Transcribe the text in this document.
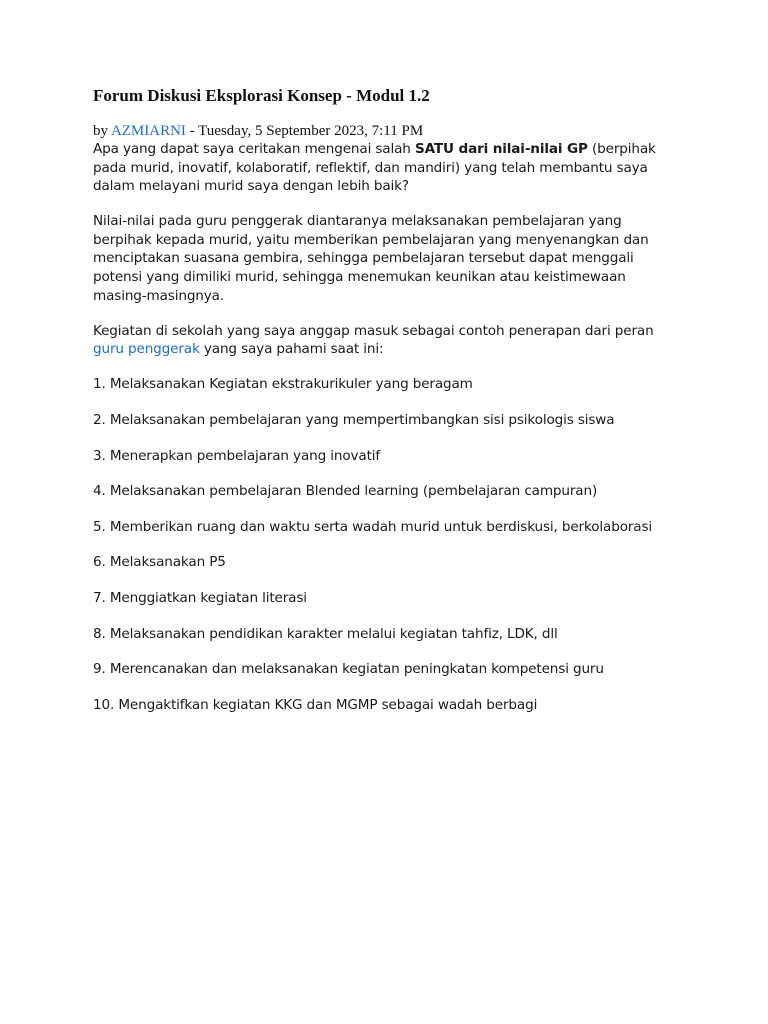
Forum Diskusi Eksplorasi Konsep - Modul 1.2
by AZMIARNI - Tuesday, 5 September 2023, 7:11 PM

Apa yang dapat saya ceritakan mengenai salah SATU dari nilai-nilai GP (berpihak pada murid, inovatif, kolaboratif, reflektif, dan mandiri) yang telah membantu saya dalam melayani murid saya dengan lebih baik?

Nilai-nilai pada guru penggerak diantaranya melaksanakan pembelajaran yang berpihak kepada murid, yaitu memberikan pembelajaran yang menyenangkan dan menciptakan suasana gembira, sehingga pembelajaran tersebut dapat menggali potensi yang dimiliki murid, sehingga menemukan keunikan atau keistimewaan masing-masingnya.

Kegiatan di sekolah yang saya anggap masuk sebagai contoh penerapan dari peran guru penggerak yang saya pahami saat ini:

1. Melaksanakan Kegiatan ekstrakurikuler yang beragam
2. Melaksanakan pembelajaran yang mempertimbangkan sisi psikologis siswa
3. Menerapkan pembelajaran yang inovatif
4. Melaksanakan pembelajaran Blended learning (pembelajaran campuran)
5. Memberikan ruang dan waktu serta wadah murid untuk berdiskusi, berkolaborasi
6. Melaksanakan P5
7. Menggiatkan kegiatan literasi
8. Melaksanakan pendidikan karakter melalui kegiatan tahfiz, LDK, dll
9. Merencanakan dan melaksanakan kegiatan peningkatan kompetensi guru
10. Mengaktifkan kegiatan KKG dan MGMP sebagai wadah berbagi
